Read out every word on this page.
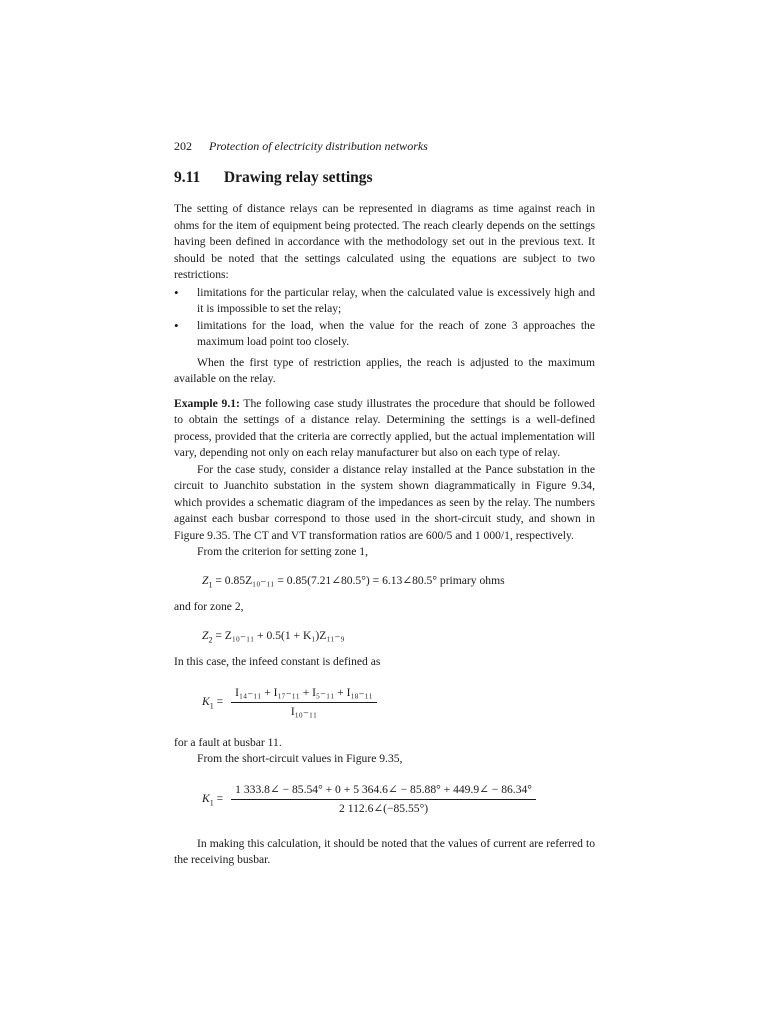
202 Protection of electricity distribution networks
9.11 Drawing relay settings

The setting of distance relays can be represented in diagrams as time against reach in ohms for the item of equipment being protected. The reach clearly depends on the settings having been defined in accordance with the methodology set out in the previous text. It should be noted that the settings calculated using the equations are subject to two restrictions:

• limitations for the particular relay, when the calculated value is excessively high and it is impossible to set the relay;
• limitations for the load, when the value for the reach of zone 3 approaches the maximum load point too closely.

When the first type of restriction applies, the reach is adjusted to the maximum available on the relay.

Example 9.1: The following case study illustrates the procedure that should be followed to obtain the settings of a distance relay. Determining the settings is a well-defined process, provided that the criteria are correctly applied, but the actual implementation will vary, depending not only on each relay manufacturer but also on each type of relay.

For the case study, consider a distance relay installed at the Pance substation in the circuit to Juanchito substation in the system shown diagrammatically in Figure 9.34, which provides a schematic diagram of the impedances as seen by the relay. The numbers against each busbar correspond to those used in the short-circuit study, and shown in Figure 9.35. The CT and VT transformation ratios are 600/5 and 1 000/1, respectively.

From the criterion for setting zone 1,

$Z_1 = 0.85Z_{10-11}$ = 0.85(7.21∠80.5°) = 6.13∠80.5° primary ohms

and for zone 2,

$Z_2 = Z_{10-11} + 0.5(1 + K_1)Z_{11-9}$

In this case, the infeed constant is defined as

$K_1 = \frac{\text{I₁₄₋₁₁ + I₁₇₋₁₁ + I₅₋₁₁ + I₁₈₋₁₁}}{\text{I₁₀₋₁₁}}$

for a fault at busbar 11.

From the short-circuit values in Figure 9.35,

$K_1 = \frac{1 333.8\angle - 85.54^\circ + 0 + 5 364.6\angle - 85.88^\circ + 449.9\angle - 86.34^\circ}{2 112.6\angle(-85.55^\circ)}$

In making this calculation, it should be noted that the values of current are referred to the receiving busbar.
